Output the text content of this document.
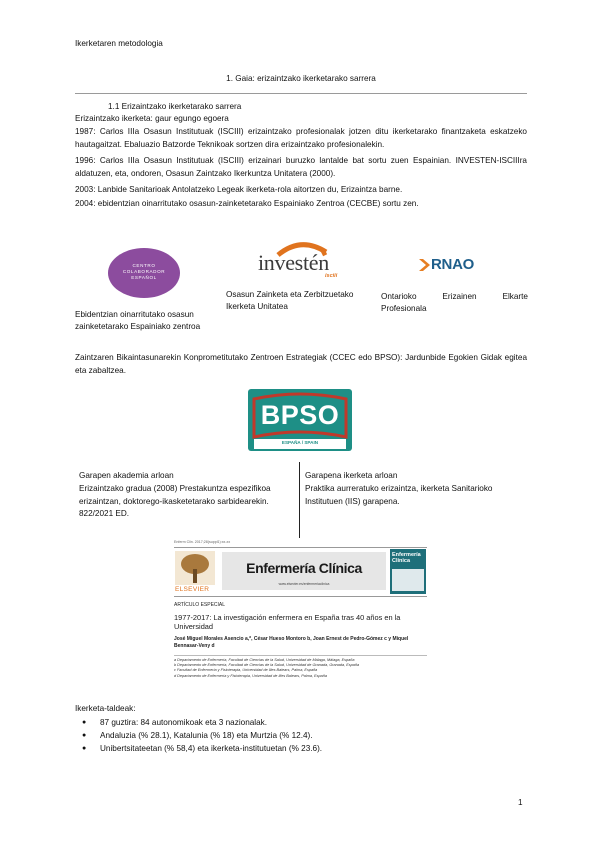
Ikerketaren metodologia
1. Gaia: erizaintzako ikerketarako sarrera
1.1 Erizaintzako ikerketarako sarrera
Erizaintzako ikerketa: gaur egungo egoera
1987: Carlos IIIa Osasun Institutuak (ISCIII) erizaintzako profesionalak jotzen ditu ikerketarako finantzaketa eskatzeko hautagaitzat. Ebaluazio Batzorde Teknikoak sortzen dira erizaintzako profesionalekin.
1996: Carlos IIIa Osasun Institutuak (ISCIII) erizainari buruzko lantalde bat sortu zuen Espainian. INVESTEN-ISCIIIra aldatuzen, eta, ondoren, Osasun Zaintzako Ikerkuntza Unitatera (2000).
2003: Lanbide Sanitarioak Antolatzeko Legeak ikerketa-rola aitortzen du, Erizaintza barne.
2004: ebidentzian oinarritutako osasun-zainketetarako Espainiako Zentroa (CECBE) sortu zen.
CENTRO
COLABORADOR
ESPAÑOL
investén
isciii
RNAO
Ebidentzian oinarritutako osasun zainketetarako Espainiako zentroa
Osasun Zainketa eta Zerbitzuetako Ikerketa Unitatea
Ontarioko Erizainen Elkarte Profesionala
Zaintzaren Bikaintasunarekin Konprometitutako Zentroen Estrategiak (CCEC edo BPSO): Jardunbide Egokien Gidak egitea eta zabaltzea.
BPSO
ESPAÑA / SPAIN
Garapen akademia arloan
Erizaintzako gradua (2008) Prestakuntza espezifikoa erizaintzan, doktorego-ikasketetarako sarbidearekin. 822/2021 ED.
Garapena ikerketa arloan
Praktika aurreratuko erizaintza, ikerketa Sanitarioko Institutuen (IIS) garapena.
Enferm Clin. 2017;28(suppl1):xx-xx
ELSEVIER
Enfermería Clínica
www.elsevier.es/enfermeriaclinica
Enfermería Clínica
ARTÍCULO ESPECIAL
1977-2017: La investigación enfermera en España tras 40 años en la Universidad
José Miguel Morales Asencio a,*, César Hueso Montoro b, Joan Ernest de Pedro-Gómez c y Miquel Bennasar-Veny d
a Departamento de Enfermería, Facultad de Ciencias de la Salud, Universidad de Málaga, Málaga, España
b Departamento de Enfermería, Facultad de Ciencias de la Salud, Universidad de Granada, Granada, España
c Facultad de Enfermería y Fisioterapia, Universidad de Illes Balears, Palma, España
d Departamento de Enfermería y Fisioterapia, Universidad de Illes Balears, Palma, España
Ikerketa-taldeak:
● 87 guztira: 84 autonomikoak eta 3 nazionalak.
● Andaluzia (% 28.1), Katalunia (% 18) eta Murtzia (% 12.4).
● Unibertsitateetan (% 58,4) eta ikerketa-institutuetan (% 23.6).
1
